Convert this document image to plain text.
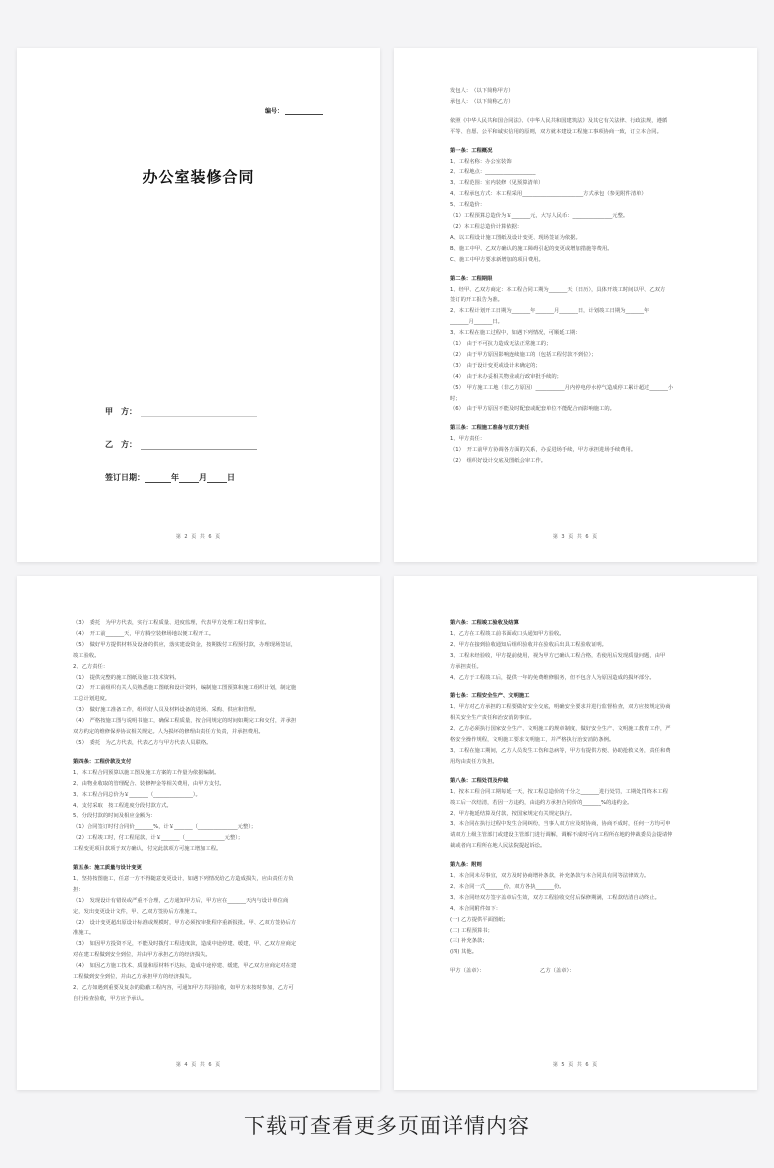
编号：
办公室装修合同
甲　方：
乙　方：
签订日期：	年	月	日
第 2 页 共 6 页
发包人：　（以下简称甲方）
承包人：　（以下简称乙方）
依照《中华人民共和国合同法》、《中华人民共和国建筑法》及其它有关法律、行政法规，遵循
平等、自愿、公平和诚实信用的原则，双方就本建设工程施工事项协商一致，订立本合同。
第一条：工程概况
1、工程名称：办公室装饰
2、工程地点：___________________
3、工程范围：室内装修（见预算清单）
4、工程承包方式：本工程采用_______________________方式承包（参见附件清单）
5、工程造价：
（1）工程预算总造价为￥_______元，大写人民币：_______________元整。
（2）本工程总造价计算依据：
A、以工程设计施工图纸及设计变更、现场签证为依据。
B、施工中甲、乙双方确认的施工障碍引起的变更或增加措施等费用。
C、施工中甲方要求新增加的项目费用。
第二条：工程期限
1、经甲、乙双方商定：本工程合同工期为_______天（日历），具体开竣工时间以甲、乙双方
签订的开工报告为准。
2、本工程计划开工日期为_______年_______月_______日，计划竣工日期为_______年
_______月_______日。
3、本工程在施工过程中，如遇下列情况，可顺延工期：
（1）　由于不可抗力造成无法正常施工的；
（2）　由于甲方原因影响连续施工的（包括工程付款不到位）；
（3）　由于设计变更或设计未确定的；
（4）　由于未办妥相关物业或行政审批手续的；
（5）　甲方施工工地（非乙方原因）___________月内停电停水停气造成停工累计超过_______小
时；
（6）　由于甲方原因不能及时配套或配套单位不能配合而影响施工的。
第三条：工程施工准备与双方责任
1、甲方责任：
（1）　开工前甲方协调各方面的关系，办妥进场手续，甲方承担进场手续费用。
（2）　组织好设计交底及图纸会审工作。
第 3 页 共 6 页
（3）　委托　为甲方代表，实行工程质量、进度监理，代表甲方处理工程日常事宜。
（4）　开工前_______天，甲方腾空装修场地以便工程开工。
（5）　做好甲方提供材料及设备的供应，落实建设资金，按期拨付工程预付款，办理现场签证，
竣工验收。
2、乙方责任：
（1）　提供完整的施工图纸及施工技术资料。
（2）　开工前组织有关人员熟悉施工图纸和设计资料，编制施工图预算和施工组织计划，制定施
工总计划进度。
（3）　做好施工准备工作，组织好人员及材料设备的进场、采购、供应和管理。
（4）　严格按施工图与说明书施工，确保工程质量，按合同规定的时间如期完工和交付，并承担
双方约定的维修保养协议相关规定。人为损坏的修理由责任方负责，并承担费用。
（5）　委托　为乙方代表，代表乙方与甲方代表人员联络。
第四条：工程价款及支付
1、本工程合同预算以施工图及施工方案的工作量为依据编制。
2、由物业收取的管理配合、装修押金等相关费用，由甲方支付。
3、本工程合同总价为￥_______（_______________）。
4、支付采取　按工程进度分段付款方式。
5、分段付款的时间及相应金额为：
（1）合同签订时付合同价_______%，计￥_______（_______________元整）；
（2）工程竣工时，付工程尾款，计￥_______（_______________元整）；
工程变更项目款项于双方确认，付完此款项方可施工增加工程。
第五条：施工质量与设计变更
1、坚持按图施工，任意一方不得随意变更设计，如遇下列情况给乙方造成损失，应由责任方负
担：
（1）　发现设计有错误或严重不合理，乙方通知甲方后，甲方应在_______天内与设计单位商
定，发出变更设计文件，甲、乙双方签协后方准施工。
（2）　设计变更超出原设计标准或规模时，甲方必须按审批程序重新报批。甲、乙双方签协后方
准施工。
（3）　如因甲方投资不足，不能及时拨付工程进度款，造成中途停建、缓建，甲、乙双方应商定
对在建工程做到安全到位，并由甲方承担乙方的经济损失。
（4）　如因乙方施工技术、质量和原材料不达标，造成中途停建、缓建，甲乙双方应商定对在建
工程做到安全到位，并由乙方承担甲方的经济损失。
2、乙方如遇到重要及复杂的隐蔽工程内容，可通知甲方共同验收，如甲方未按时参加，乙方可
自行检查验收，甲方应予承认。
第 4 页 共 6 页
第六条：工程竣工验收及结算
1、乙方在工程竣工前书面或口头通知甲方验收。
2、甲方在接到验收通知后组织验收并在验收后出具工程验收证明。
3、工程未经验收，甲方提前使用，视为甲方已确认工程合格，若使用后发现质量问题，由甲
方承担责任。
4、乙方于工程竣工后，提供一年的免费维修服务，但不包含人为原因造成的损坏部分。
第七条：工程安全生产、文明施工
1、甲方对乙方承担的工程要做好安全交底，明确安全要求并进行监督检查，双方应按规定协商
相关安全生产责任和治安消防事宜。
2、乙方必须执行国家安全生产、文明施工的规章制度，做好安全生产、文明施工教育工作，严
格安全操作规程，文明施工要求文明施工，并严格执行治安消防条例。
3、工程在施工期间，乙方人员发生工伤和急病等，甲方有提供方便、协助抢救义务，责任和费
用均由责任方负担。
第八条：工程处罚及仲裁
1、按本工程合同工期每延一天，按工程总造价的千分之_______进行处罚，工期处罚终本工程
竣工后一次结清，若因一方违约，由违约方承担合同价的_______%的违约金。
2、甲方拖延结算及付款，按国家规定有关规定执行。
3、本合同在执行过程中发生合同纠纷，当事人双方应及时协商，协商不成时，任何一方均可申
请双方上级主管部门或建设主管部门进行调解，调解不成时可向工程所在地的仲裁委员会提请仲
裁或者向工程所在地人民法院提起诉讼。
第九条：附则
1、本合同未尽事宜，双方及时协商增补条款，补充条款与本合同具有同等法律效力。
2、本合同一式_______份，双方各执_______份。
3、本合同经双方签字盖章后生效，双方工程验收交付后保修期满，工程款结清自动终止。
4、本合同附件如下：
(一) 乙方提供平面图纸；
(二) 工程预算书；
(三) 补充条款；
(四) 其他。
甲方（盖章）：　　　　　　　　　　　乙方（盖章）：
第 5 页 共 6 页
下载可查看更多页面详情内容
